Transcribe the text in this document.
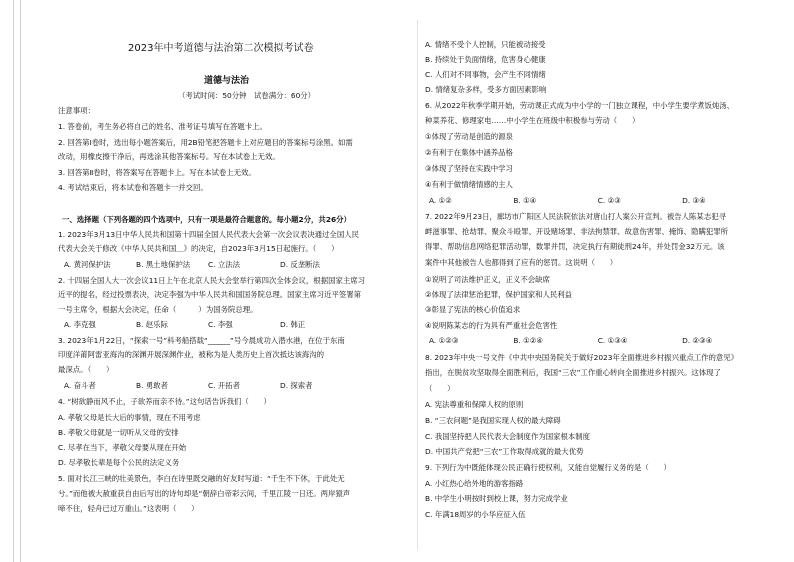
2023年中考道德与法治第二次模拟考试卷
道德与法治
（考试时间：50分钟　试卷满分：60分）
注意事项：
1. 答卷前，考生务必将自己的姓名、准考证号填写在答题卡上。
2. 回答第Ⅰ卷时，选出每小题答案后，用2B铅笔把答题卡上对应题目的答案标号涂黑。如需
改动，用橡皮擦干净后，再选涂其他答案标号。写在本试卷上无效。
3. 回答第Ⅱ卷时，将答案写在答题卡上。写在本试卷上无效。
4. 考试结束后，将本试卷和答题卡一并交回。
一、选择题（下列各题的四个选项中，只有一项是最符合题意的。每小题2分，共26分）
1. 2023年3月13日中华人民共和国第十四届全国人民代表大会第一次会议表决通过全国人民
代表大会关于修改《中华人民共和国＿》的决定，自2023年3月15日起施行。（　　）
A. 黄河保护法	B. 黑土地保护法	C. 立法法	D. 反垄断法
2. 十四届全国人大一次会议11日上午在北京人民大会堂举行第四次全体会议，根据国家主席习
近平的提名，经过投票表决，决定李强为中华人民共和国国务院总理。国家主席习近平签署第
一号主席令，根据大会决定，任命（　　　）为国务院总理。
A. 李克强	B. 赵乐际	C. 李强	D. 韩正
3. 2023年1月22日，“探索一号”科考船搭载“______”号今晨成功入潜水港，在位于东南
印度洋莆阿雷亚海沟的深渊开展深渊作业，被称为是人类历史上首次抵达该海沟的
最深点。（　　）
A. 奋斗者	B. 勇敢者	C. 开拓者	D. 探索者
4. “树欲静而风不止，子欲养而亲不待。”这句话告诉我们（　　）
A. 孝敬父母是长大后的事情，现在不用考虑
B. 孝敬父母就是一切听从父母的安排
C. 尽孝在当下，孝敬父母要从现在开始
D. 尽孝敬长辈是每个公民的法定义务
5. 面对长江三峡的壮美景色，李白在诗里既交融的好友时写道：“千生不下休，于此处无
兮。”而他被大赦重获自由后写出的诗句却是“朝辞白帝彩云间，千里江陵一日还。两岸猿声
啼不住，轻舟已过万重山。”这表明（　　）
A. 情绪不受个人控制，只能被动接受
B. 持续处于负面情绪，危害身心健康
C. 人们对不同事物，会产生不同情绪
D. 情绪复杂多样，受多方面因素影响
6. 从2022年秋季学期开始，劳动课正式成为中小学的一门独立课程，中小学生要学煮饭炖汤、
种菜养花、修理家电……中小学生在班级中积极参与劳动（　　）
①体现了劳动是创造的源泉
②有利于在集体中涵养品格
③体现了坚持在实践中学习
④有利于做情绪情感的主人
A. ①②	B. ①④	C. ②③	D. ③④
7. 2022年9月23日，廊坊市广阳区人民法院依法对唐山打人案公开宣判。被告人陈某志犯寻
衅滋事罪、抢劫罪、聚众斗殴罪、开设赌场罪、非法拘禁罪、故意伤害罪、掩饰、隐瞒犯罪所
得罪、帮助信息网络犯罪活动罪，数罪并罚，决定执行有期徒刑24年，并处罚金32万元。该
案件中其他被告人也都得到了应有的惩罚。这说明（　　）
①说明了司法维护正义，正义不会缺席
②体现了法律惩治犯罪，保护国家和人民利益
③彰显了宪法的核心价值追求
④说明陈某志的行为具有严重社会危害性
A. ①②③	B. ①②④	C. ①③④	D. ②③④
8. 2023年中央一号文件《中共中央国务院关于做好2023年全面推进乡村振兴重点工作的意见》
指出，在脱贫攻坚取得全面胜利后，我国“三农”工作重心转向全面推进乡村振兴。这体现了
（　　）
A. 宪法尊重和保障人权的原则
B. “三农问题”是我国实现人权的最大障碍
C. 我国坚持把人民代表大会制度作为国家根本制度
D. 中国共产党把“三农”工作取得成就的最大优势
9. 下列行为中既能体现公民正确行使权利，又能自觉履行义务的是（　　）
A. 小红热心给外地的游客指路
B. 中学生小明按时到校上课，努力完成学业
C. 年满18周岁的小华应征入伍
